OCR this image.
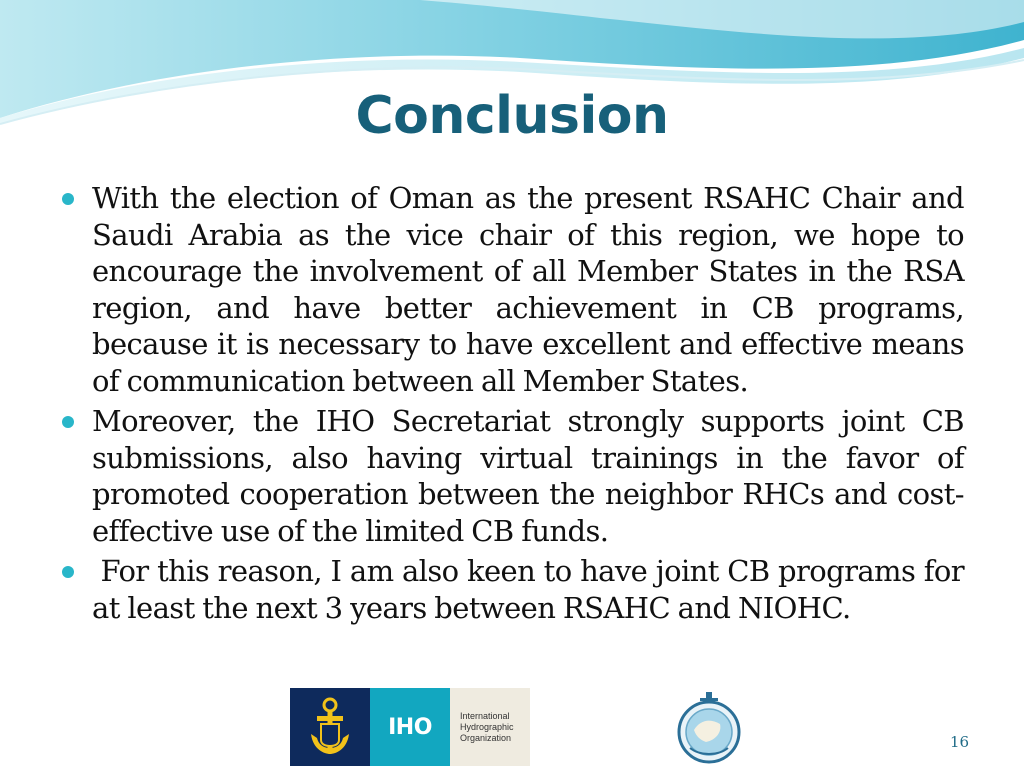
Conclusion
With the election of Oman as the present RSAHC Chair and Saudi Arabia as the vice chair of this region, we hope to encourage the involvement of all Member States in the RSA region, and have better achievement in CB programs, because it is necessary to have excellent and effective means of communication between all Member States.
Moreover, the IHO Secretariat strongly supports joint CB submissions, also having virtual trainings in the favor of promoted cooperation between the neighbor RHCs and cost-effective use of the limited CB funds.
For this reason, I am also keen to have joint CB programs for at least the next 3 years between RSAHC and NIOHC.
IHO	International
Hydrographic
Organization	16
